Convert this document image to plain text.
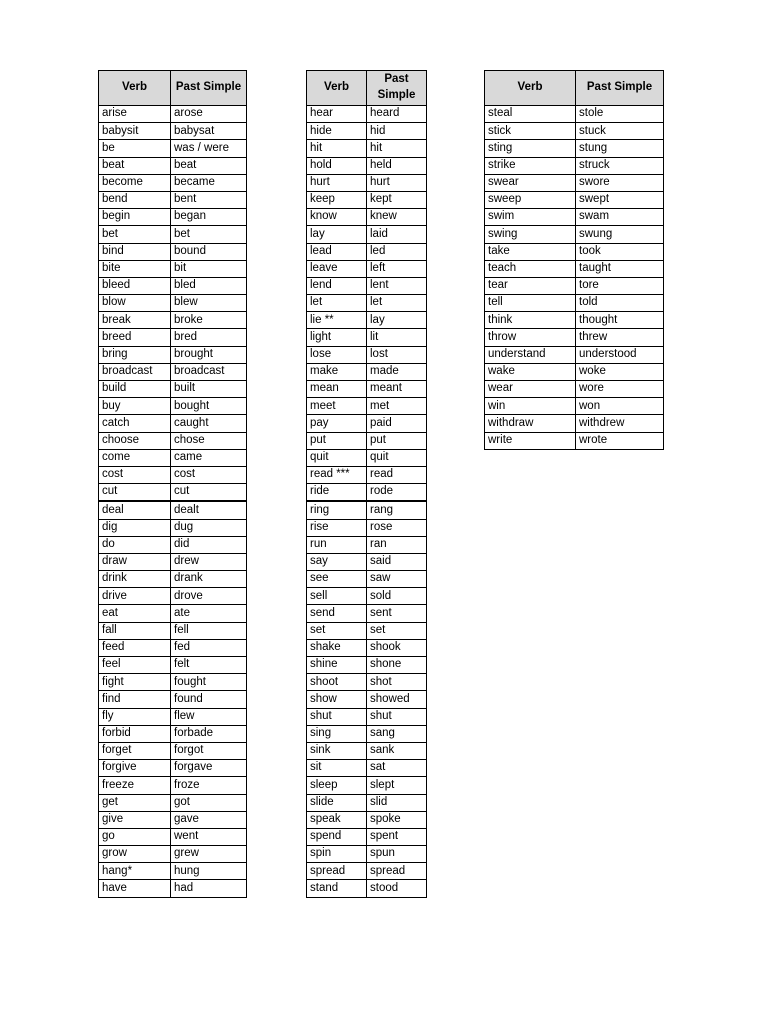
Verb	Past Simple
arise	arose
babysit	babysat
be	was / were
beat	beat
become	became
bend	bent
begin	began
bet	bet
bind	bound
bite	bit
bleed	bled
blow	blew
break	broke
breed	bred
bring	brought
broadcast	broadcast
build	built
buy	bought
catch	caught
choose	chose
come	came
cost	cost
cut	cut
deal	dealt
dig	dug
do	did
draw	drew
drink	drank
drive	drove
eat	ate
fall	fell
feed	fed
feel	felt
fight	fought
find	found
fly	flew
forbid	forbade
forget	forgot
forgive	forgave
freeze	froze
get	got
give	gave
go	went
grow	grew
hang*	hung
have	had
Verb	Past
Simple
hear	heard
hide	hid
hit	hit
hold	held
hurt	hurt
keep	kept
know	knew
lay	laid
lead	led
leave	left
lend	lent
let	let
lie **	lay
light	lit
lose	lost
make	made
mean	meant
meet	met
pay	paid
put	put
quit	quit
read ***	read
ride	rode
ring	rang
rise	rose
run	ran
say	said
see	saw
sell	sold
send	sent
set	set
shake	shook
shine	shone
shoot	shot
show	showed
shut	shut
sing	sang
sink	sank
sit	sat
sleep	slept
slide	slid
speak	spoke
spend	spent
spin	spun
spread	spread
stand	stood
Verb	Past Simple
steal	stole
stick	stuck
sting	stung
strike	struck
swear	swore
sweep	swept
swim	swam
swing	swung
take	took
teach	taught
tear	tore
tell	told
think	thought
throw	threw
understand	understood
wake	woke
wear	wore
win	won
withdraw	withdrew
write	wrote
